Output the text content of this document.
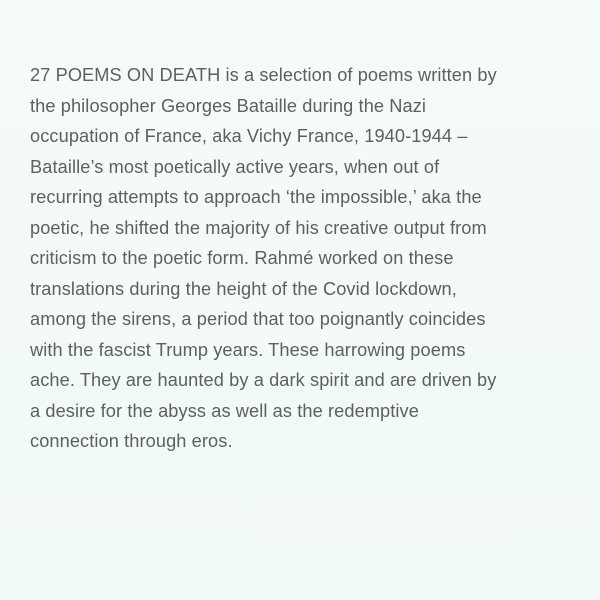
27 POEMS ON DEATH is a selection of poems written by
the philosopher Georges Bataille during the Nazi
occupation of France, aka Vichy France, 1940-1944 –
Bataille’s most poetically active years, when out of
recurring attempts to approach ‘the impossible,’ aka the
poetic, he shifted the majority of his creative output from
criticism to the poetic form. Rahmé worked on these
translations during the height of the Covid lockdown,
among the sirens, a period that too poignantly coincides
with the fascist Trump years. These harrowing poems
ache. They are haunted by a dark spirit and are driven by
a desire for the abyss as well as the redemptive
connection through eros.
